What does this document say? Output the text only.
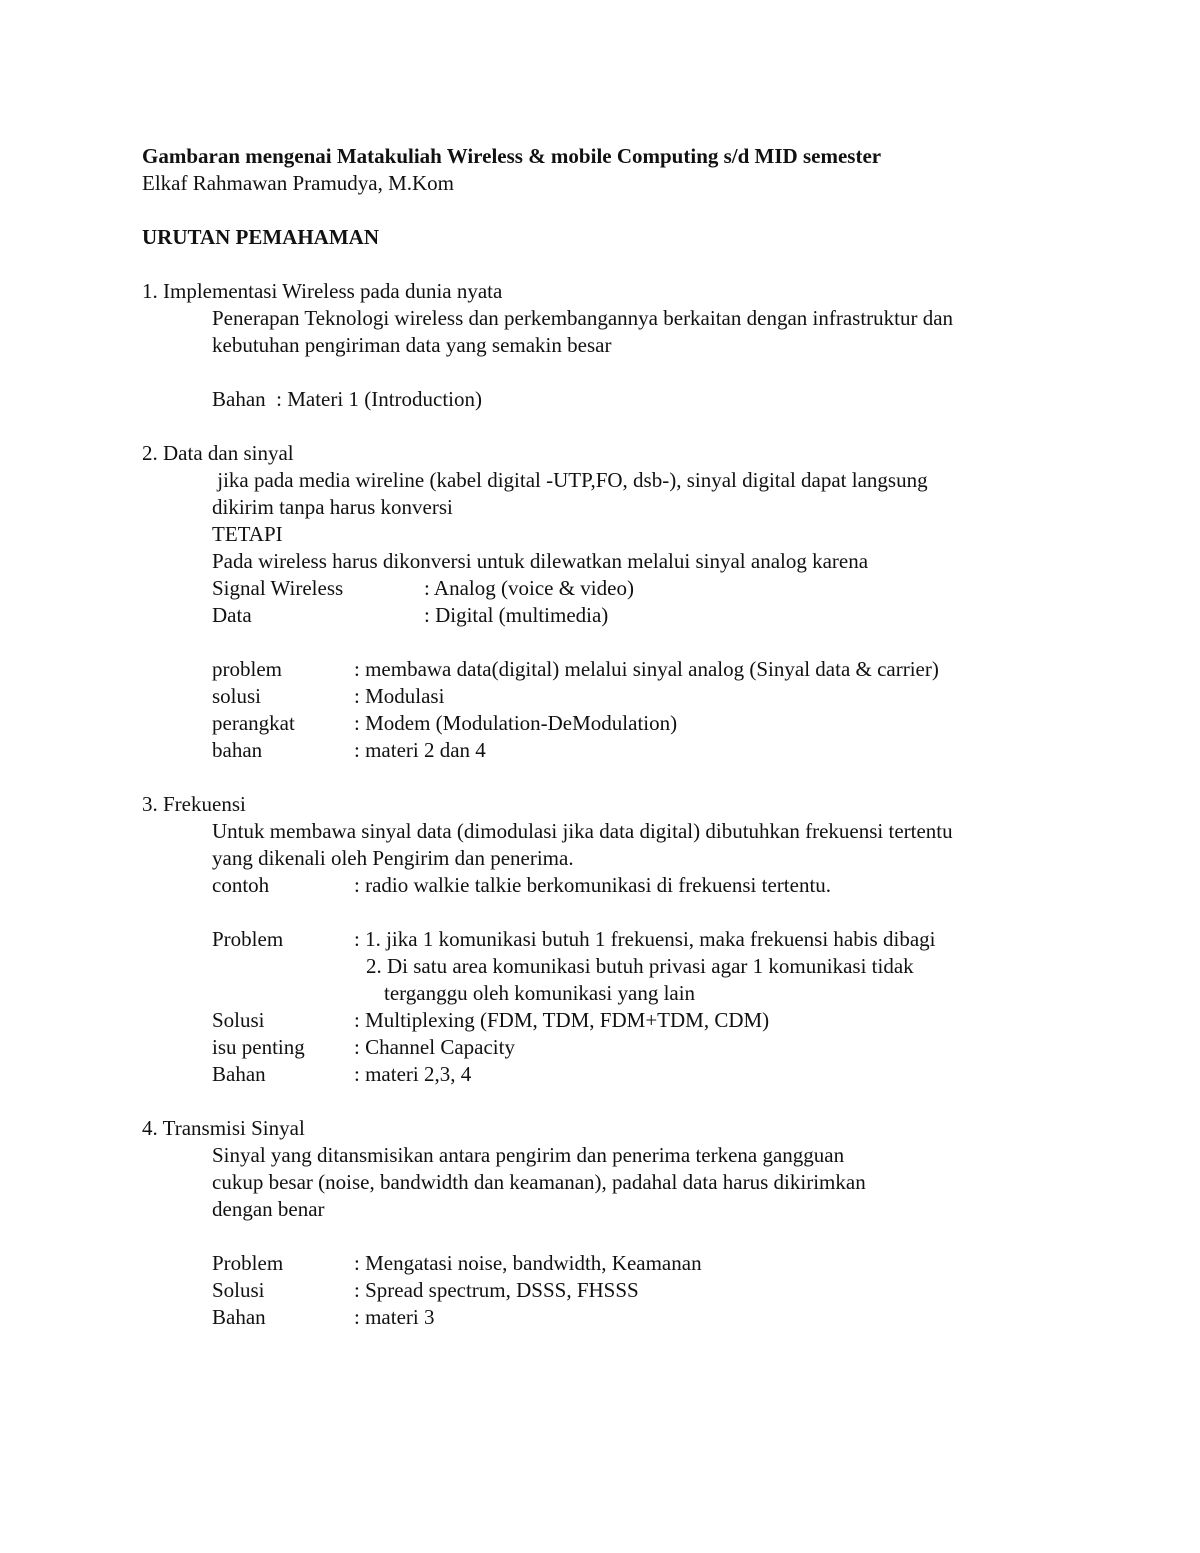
Gambaran mengenai Matakuliah Wireless & mobile Computing s/d MID semester
Elkaf Rahmawan Pramudya, M.Kom
URUTAN PEMAHAMAN
1. Implementasi Wireless pada dunia nyata
Penerapan Teknologi wireless dan perkembangannya berkaitan dengan infrastruktur dan
kebutuhan pengiriman data yang semakin besar
Bahan  : Materi 1 (Introduction)
2. Data dan sinyal
jika pada media wireline (kabel digital -UTP,FO, dsb-), sinyal digital dapat langsung
dikirim tanpa harus konversi
TETAPI
Pada wireless harus dikonversi untuk dilewatkan melalui sinyal analog karena
Signal Wireless	: Analog (voice & video)
Data	: Digital (multimedia)
problem	: membawa data(digital) melalui sinyal analog (Sinyal data & carrier)
solusi	: Modulasi
perangkat	: Modem (Modulation-DeModulation)
bahan	: materi 2 dan 4
3. Frekuensi
Untuk membawa sinyal data (dimodulasi jika data digital) dibutuhkan frekuensi tertentu
yang dikenali oleh Pengirim dan penerima.
contoh	: radio walkie talkie berkomunikasi di frekuensi tertentu.
Problem	: 1. jika 1 komunikasi butuh 1 frekuensi, maka frekuensi habis dibagi
2. Di satu area komunikasi butuh privasi agar 1 komunikasi tidak
terganggu oleh komunikasi yang lain
Solusi	: Multiplexing (FDM, TDM, FDM+TDM, CDM)
isu penting : Channel Capacity
Bahan	: materi 2,3, 4
4. Transmisi Sinyal
Sinyal yang ditansmisikan antara pengirim dan penerima terkena gangguan
cukup besar (noise, bandwidth dan keamanan), padahal data harus dikirimkan
dengan benar
Problem	: Mengatasi noise, bandwidth, Keamanan
Solusi	: Spread spectrum, DSSS, FHSSS
Bahan	: materi 3
